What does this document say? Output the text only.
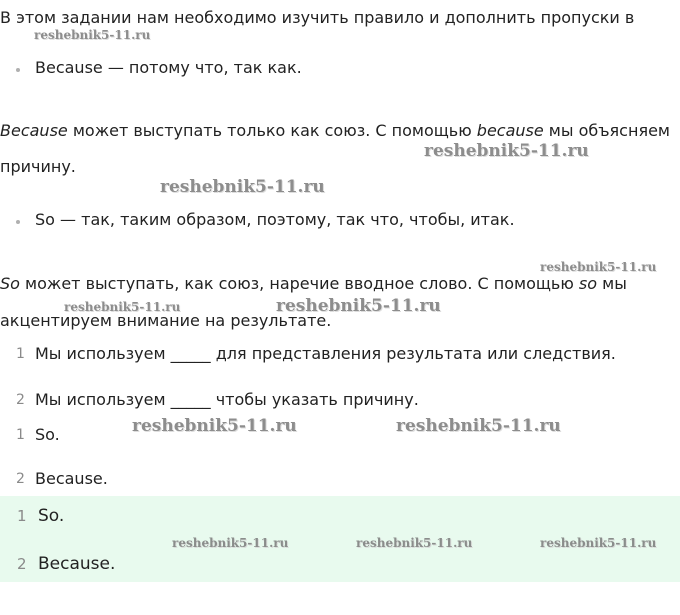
В этом задании нам необходимо изучить правило и дополнить пропуски в
Because — потому что, так как.
Because может выступать только как союз. С помощью because мы объясняем
причину.
So — так, таким образом, поэтому, так что, чтобы, итак.
So может выступать, как союз, наречие вводное слово. С помощью so мы
акцентируем внимание на результате.
1 Мы используем _____ для представления результата или следствия.
2 Мы используем _____ чтобы указать причину.
1 So.
2 Because.
1 So.
2 Because.
reshebnik5-11.ru
reshebnik5-11.ru
reshebnik5-11.ru
reshebnik5-11.ru
reshebnik5-11.ru	reshebnik5-11.ru
reshebnik5-11.ru	reshebnik5-11.ru
reshebnik5-11.ru	reshebnik5-11.ru	reshebnik5-11.ru
